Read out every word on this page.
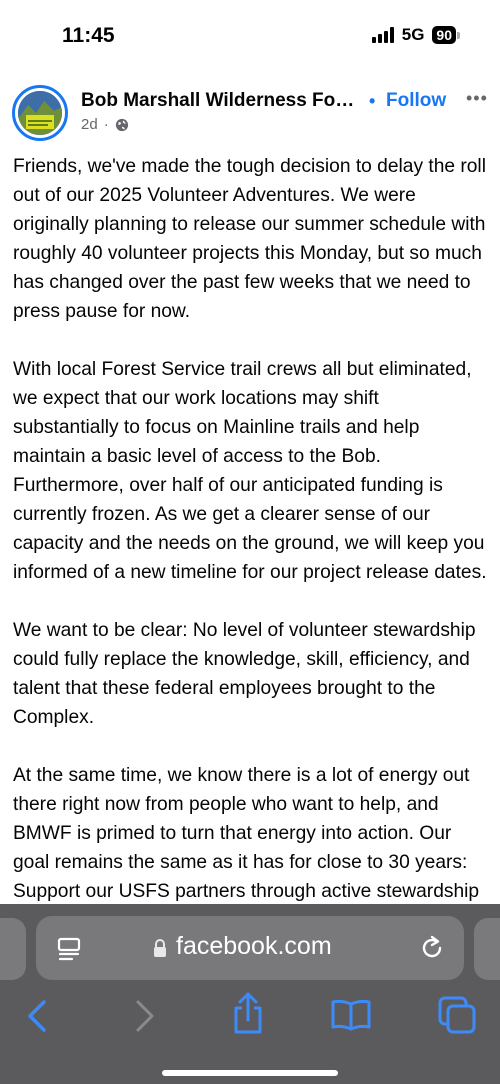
11:45	5G 90
Bob Marshall Wilderness Fo… • Follow •••
2d ·

Friends, we've made the tough decision to delay the roll out of our 2025 Volunteer Adventures. We were originally planning to release our summer schedule with roughly 40 volunteer projects this Monday, but so much has changed over the past few weeks that we need to press pause for now.

With local Forest Service trail crews all but eliminated, we expect that our work locations may shift substantially to focus on Mainline trails and help maintain a basic level of access to the Bob. Furthermore, over half of our anticipated funding is currently frozen. As we get a clearer sense of our capacity and the needs on the ground, we will keep you informed of a new timeline for our project release dates.

We want to be clear: No level of volunteer stewardship could fully replace the knowledge, skill, efficiency, and talent that these federal employees brought to the Complex.

At the same time, we know there is a lot of energy out there right now from people who want to help, and BMWF is primed to turn that energy into action. Our goal remains the same as it has for close to 30 years: Support our USFS partners through active stewardship

facebook.com
